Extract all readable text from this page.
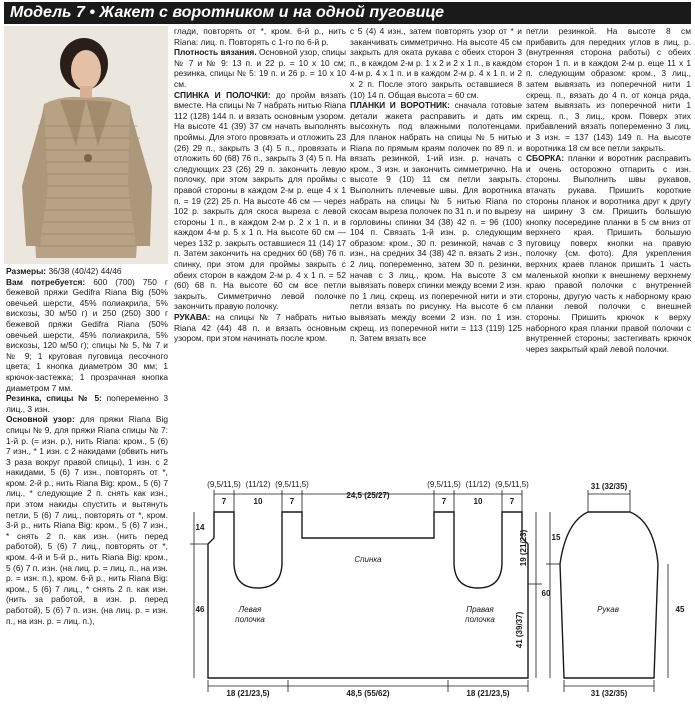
Модель 7 • Жакет с воротником и на одной пуговице

Размеры: 36/38 (40/42) 44/46

Вам потребуется: 600 (700) 750 г бежевой пряжи Gedifra Riana Big (50% овечьей шерсти, 45% полиакрила, 5% вискозы, 30 м/50 г) и 250 (250) 300 г бежевой пряжи Gedifra Riana (50% овечьей шерсти, 45% полиакрила, 5% вискозы, 120 м/50 г); спицы № 5, № 7 и № 9; 1 круговая пуговица песочного цвета; 1 кнопка диаметром 30 мм; 1 крючок-застежка; 1 прозрачная кнопка диаметром 7 мм.

Резинка, спицы № 5: попеременно 3 лиц., 3 изн.

Основной узор: для пряжи Riana Big спицы № 9, для пряжи Riana спицы № 7: 1-й р. (= изн. р.), нить Riana: кром., 5 (6) 7 изн., * 1 изн. с 2 накидами (обвить нить 3 раза вокруг правой спицы), 1 изн. с 2 накидами, 5 (6) 7 изн., повторять от *, кром. 2-й р., нить Riana Big: кром., 5 (6) 7 лиц., * следующие 2 п. снять как изн., при этом накиды спустить и вытянуть петли, 5 (6) 7 лиц., повторять от *, кром. 3-й р., нить Riana Big: кром., 5 (6) 7 изн., * снять 2 п. как изн. (нить перед работой), 5 (6) 7 лиц., повторять от *, кром. 4-й и 5-й р., нить Riana Big: кром., 5 (6) 7 п. изн. (на лиц. р. = лиц. п., на изн. р. = изн. п.), кром. 6-й р., нить Riana Big: кром., 5 (6) 7 лиц., * снять 2 п. как изн. (нить за работой, в изн. р. перед работой), 5 (6) 7 п. изн. (на лиц. р. = изн. п., на изн. р. = лиц. п.),

глади, повторять от *, кром. 6-й р., нить Riana: лиц. п. Повторять с 1-го по 6-й р.

Плотность вязания. Основной узор, спицы № 7 и № 9: 13 п. и 22 р. = 10 х 10 см; резинка, спицы № 5: 19 п. и 26 р. = 10 х 10 см.

СПИНКА И ПОЛОЧКИ: до пройм вязать вместе. На спицы № 7 набрать нитью Riana 112 (128) 144 п. и вязать основным узором. На высоте 41 (39) 37 см начать выполнять проймы. Для этого провязать и отложить 23 (26) 29 п., закрыть 3 (4) 5 п., провязать и отложить 60 (68) 76 п., закрыть 3 (4) 5 п. На следующих 23 (26) 29 п. закончить левую полочку, при этом закрыть для проймы с правой стороны в каждом 2-м р. еще 4 х 1 п. = 19 (22) 25 п. На высоте 46 см — через 102 р. закрыть для скоса выреза с левой стороны 1 п., в каждом 2-м р. 2 х 1 п. и в каждом 4-м р. 5 х 1 п. На высоте 60 см — через 132 р. закрыть оставшиеся 11 (14) 17 п. Затем закончить на средних 60 (68) 76 п. спинку, при этом для проймы закрыть с обеих сторон в каждом 2-м р. 4 х 1 п. = 52 (60) 68 п. На высоте 60 см все петли закрыть. Симметрично левой полочке закончить правую полочку.

РУКАВА: на спицы № 7 набрать нитью Riana 42 (44) 48 п. и вязать основным узором, при этом начинать после кром.

с 5 (4) 4 изн., затем повторять узор от * и заканчивать симметрично. На высоте 45 см закрыть для оката рукава с обеих сторон 3 п., в каждом 2-м р. 1 х 2 и 2 х 1 п., в каждом 4-м р. 4 х 1 п. и в каждом 2-м р. 4 х 1 п. и 2 х 2 п. После этого закрыть оставшиеся 8 (10) 14 п. Общая высота = 60 см.

ПЛАНКИ И ВОРОТНИК: сначала готовые детали жакета расправить и дать им высохнуть под влажными полотенцами. Для планок набрать на спицы № 5 нитью Riana по прямым краям полочек по 89 п. и вязать резинкой, 1-ий изн. р. начать с кром., 3 изн. и закончить симметрично. На высоте 9 (10) 11 см петли закрыть. Выполнить плечевые швы. Для воротника набрать на спицы № 5 нитью Riana по скосам выреза полочек по 31 п. и по вырезу горловины спинки 34 (38) 42 п. = 96 (100) 104 п. Связать 1-й изн. р. следующим образом: кром., 30 п. резинкой, начав с 3 изн., на средних 34 (38) 42 п. вязать 2 изн., 2 лиц. попеременно, затем 30 п. резинки, начав с 3 лиц., кром. На высоте 3 см вывязать поверх спинки между всеми 2 изн. по 1 лиц. скрещ. из поперечной нити и эти петли вязать по рисунку. На высоте 6 см вывязать между всеми 2 изн. по 1 изн. скрещ. из поперечной нити = 113 (119) 125 п. Затем вязать все

петли резинкой. На высоте 8 см прибавить для передних углов в лиц. р. (внутренняя сторона работы) с обеих сторон 1 п. и в каждом 2-м р. еще 11 х 1 п. следующим образом: кром., 3 лиц., затем вывязать из поперечной нити 1 скрещ. п., вязать до 4 п. от конца ряда, затем вывязать из поперечной нити 1 скрещ. п., 3 лиц., кром. Поверх этих прибавлений вязать попеременно 3 лиц. и 3 изн. = 137 (143) 149 п. На высоте воротника 18 см все петли закрыть.

СБОРКА: планки и воротник расправить и очень осторожно отпарить с изн. стороны. Выполнить швы рукавов, втачать рукава. Пришить короткие стороны планок и воротника друг к другу на ширину 3 см. Пришить большую кнопку посередине планки в 5 см вниз от верхнего края. Пришить большую пуговицу поверх кнопки на правую полочку (см. фото). Для укрепления верхних краев планок пришить 1 часть маленькой кнопки к внешнему верхнему краю правой полочки с внутренней стороны, другую часть к наборному краю планки левой полочки с внешней стороны. Пришить крючок к верху наборного края планки правой полочки с внутренней стороны; застегивать крючок через закрытый край левой полочки.

(9,5/11,5) (11/12) (9,5/11,5)
24,5 (25/27)
(9,5/11,5) (11/12) (9,5/11,5)
7	10	7	7	10	7
14
46
19 (21/23)
41 (39/37)
Спинка
Левая
полочка
Правая
полочка
18 (21/23,5)	48,5 (55/62)	18 (21/23,5)
31 (32/35)
15
60
45
Рукав
31 (32/35)
